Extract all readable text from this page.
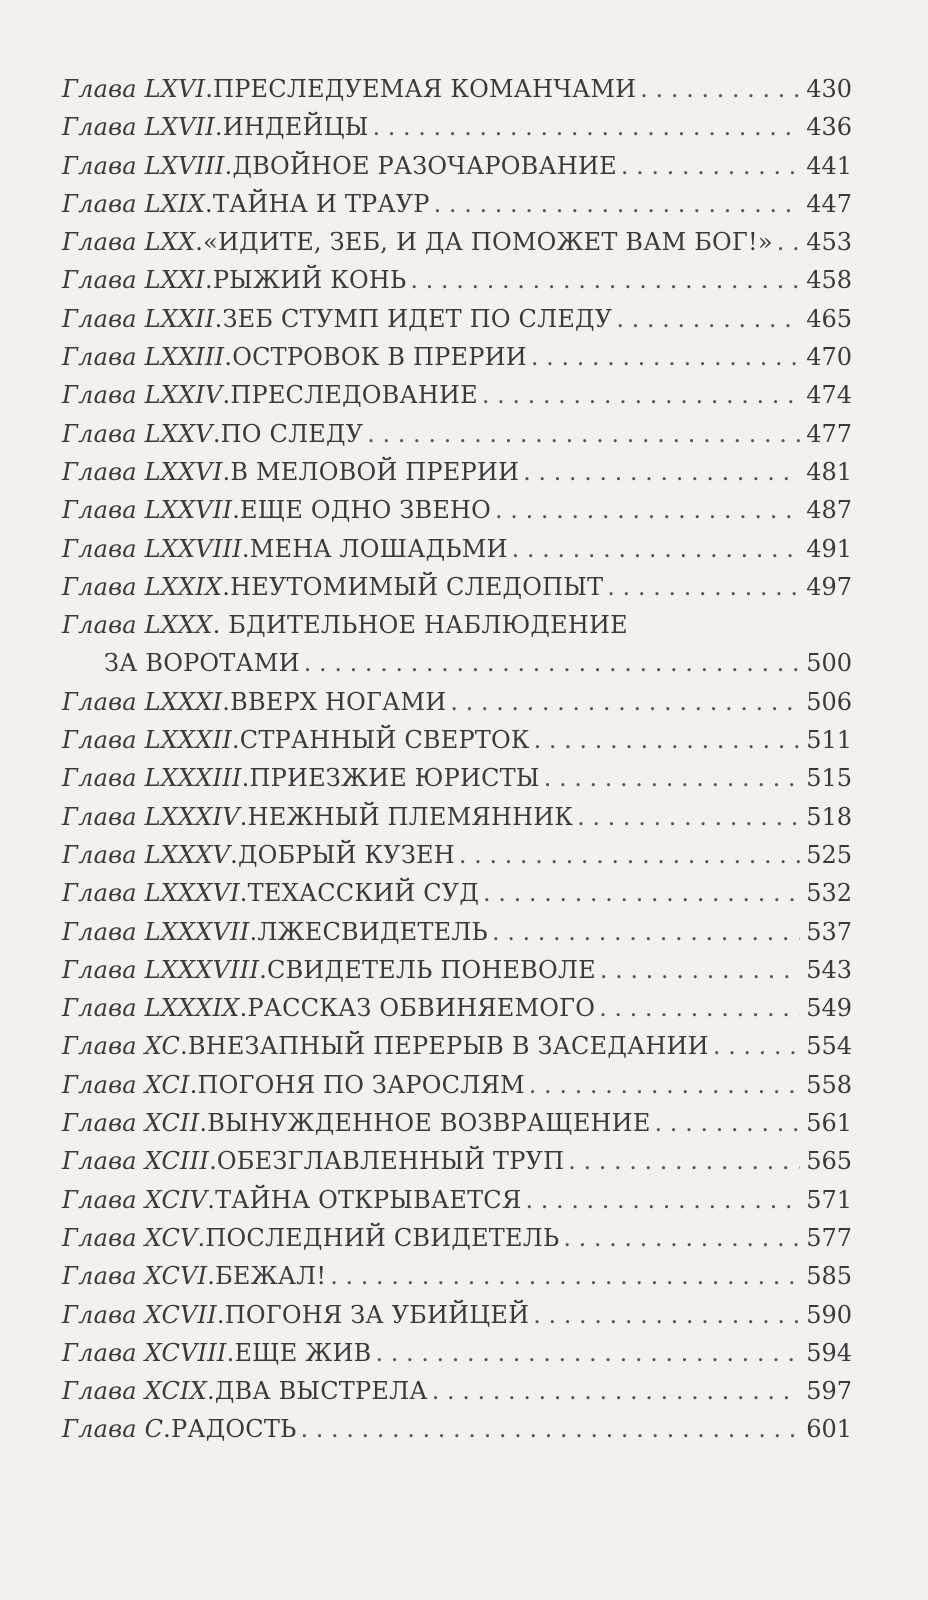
Глава LXVI . ПРЕСЛЕДУЕМАЯ КОМАНЧАМИ . . .	430
Глава LXVII . ИНДЕЙЦЫ . . .	436
Глава LXVIII . ДВОЙНОЕ РАЗОЧАРОВАНИЕ . . .	441
Глава LXIX . ТАЙНА И ТРАУР . . .	447
Глава LXX . «ИДИТЕ, ЗЕБ, И ДА ПОМОЖЕТ ВАМ БОГ!» . . . 453
Глава LXXI . РЫЖИЙ КОНЬ . . .	458
Глава LXXII . ЗЕБ СТУМП ИДЕТ ПО СЛЕДУ . . .	465
Глава LXXIII . ОСТРОВОК В ПРЕРИИ . . .	470
Глава LXXIV . ПРЕСЛЕДОВАНИЕ . . .	474
Глава LXXV . ПО СЛЕДУ . . .	477
Глава LXXVI . В МЕЛОВОЙ ПРЕРИИ . . .	481
Глава LXXVII . ЕЩЕ ОДНО ЗВЕНО . . .	487
Глава LXXVIII . МЕНА ЛОШАДЬМИ . . .	491
Глава LXXIX . НЕУТОМИМЫЙ СЛЕДОПЫТ . . .	497
Глава LXXX. БДИТЕЛЬНОЕ НАБЛЮДЕНИЕ
ЗА ВОРОТАМИ . . .	500
Глава LXXXI . ВВЕРХ НОГАМИ . . .	506
Глава LXXXII . СТРАННЫЙ СВЕРТОК . . .	511
Глава LXXXIII . ПРИЕЗЖИЕ ЮРИСТЫ . . .	515
Глава LXXXIV . НЕЖНЫЙ ПЛЕМЯННИК . . .	518
Глава LXXXV . ДОБРЫЙ КУЗЕН . . .	525
Глава LXXXVI . ТЕХАССКИЙ СУД . . .	532
Глава LXXXVII . ЛЖЕСВИДЕТЕЛЬ . . .	537
Глава LXXXVIII . СВИДЕТЕЛЬ ПОНЕВОЛЕ . . .	543
Глава LXXXIX . РАССКАЗ ОБВИНЯЕМОГО . . .	549
Глава XC . ВНЕЗАПНЫЙ ПЕРЕРЫВ В ЗАСЕДАНИИ . . .	554
Глава XCI . ПОГОНЯ ПО ЗАРОСЛЯМ . . .	558
Глава XCII . ВЫНУЖДЕННОЕ ВОЗВРАЩЕНИЕ . . .	561
Глава XCIII . ОБЕЗГЛАВЛЕННЫЙ ТРУП . . .	565
Глава XCIV . ТАЙНА ОТКРЫВАЕТСЯ . . .	571
Глава XCV . ПОСЛЕДНИЙ СВИДЕТЕЛЬ . . .	577
Глава XCVI . БЕЖАЛ! . . .	585
Глава XCVII . ПОГОНЯ ЗА УБИЙЦЕЙ . . .	590
Глава XCVIII . ЕЩЕ ЖИВ . . .	594
Глава XCIX . ДВА ВЫСТРЕЛА . . .	597
Глава C . РАДОСТЬ . . .	601
